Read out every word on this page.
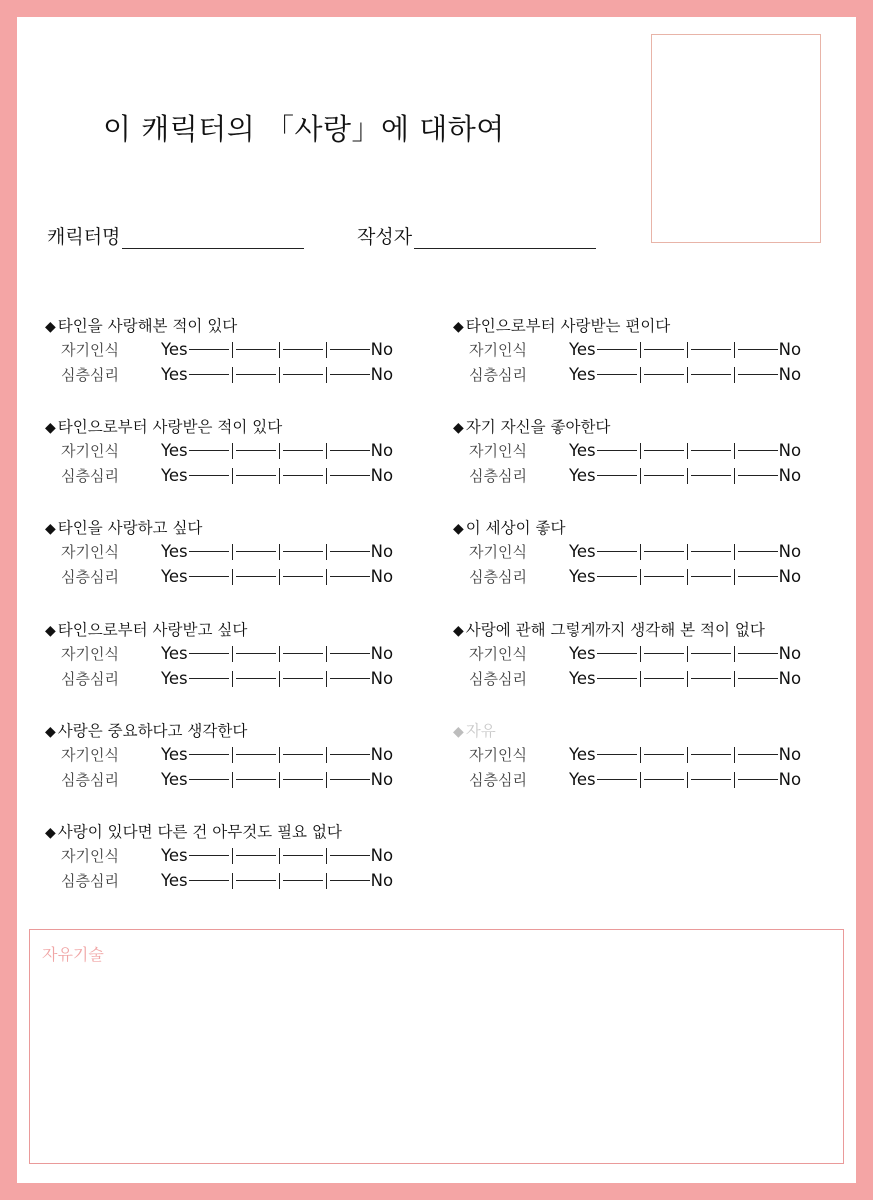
이 캐릭터의 「사랑」에 대하여
캐릭터명	작성자
◆ 타인을 사랑해본 적이 있다
자기인식	Yes	No
심층심리	Yes	No
◆ 타인으로부터 사랑받는 편이다
자기인식	Yes	No
심층심리	Yes	No
◆ 타인으로부터 사랑받은 적이 있다
자기인식	Yes	No
심층심리	Yes	No
◆ 자기 자신을 좋아한다
자기인식	Yes	No
심층심리	Yes	No
◆ 타인을 사랑하고 싶다
자기인식	Yes	No
심층심리	Yes	No
◆ 이 세상이 좋다
자기인식	Yes	No
심층심리	Yes	No
◆ 타인으로부터 사랑받고 싶다
자기인식	Yes	No
심층심리	Yes	No
◆ 사랑에 관해 그렇게까지 생각해 본 적이 없다
자기인식	Yes	No
심층심리	Yes	No
◆ 사랑은 중요하다고 생각한다
자기인식	Yes	No
심층심리	Yes	No
◆ 자유
자기인식	Yes	No
심층심리	Yes	No
◆ 사랑이 있다면 다른 건 아무것도 필요 없다
자기인식	Yes	No
심층심리	Yes	No
자유기술
